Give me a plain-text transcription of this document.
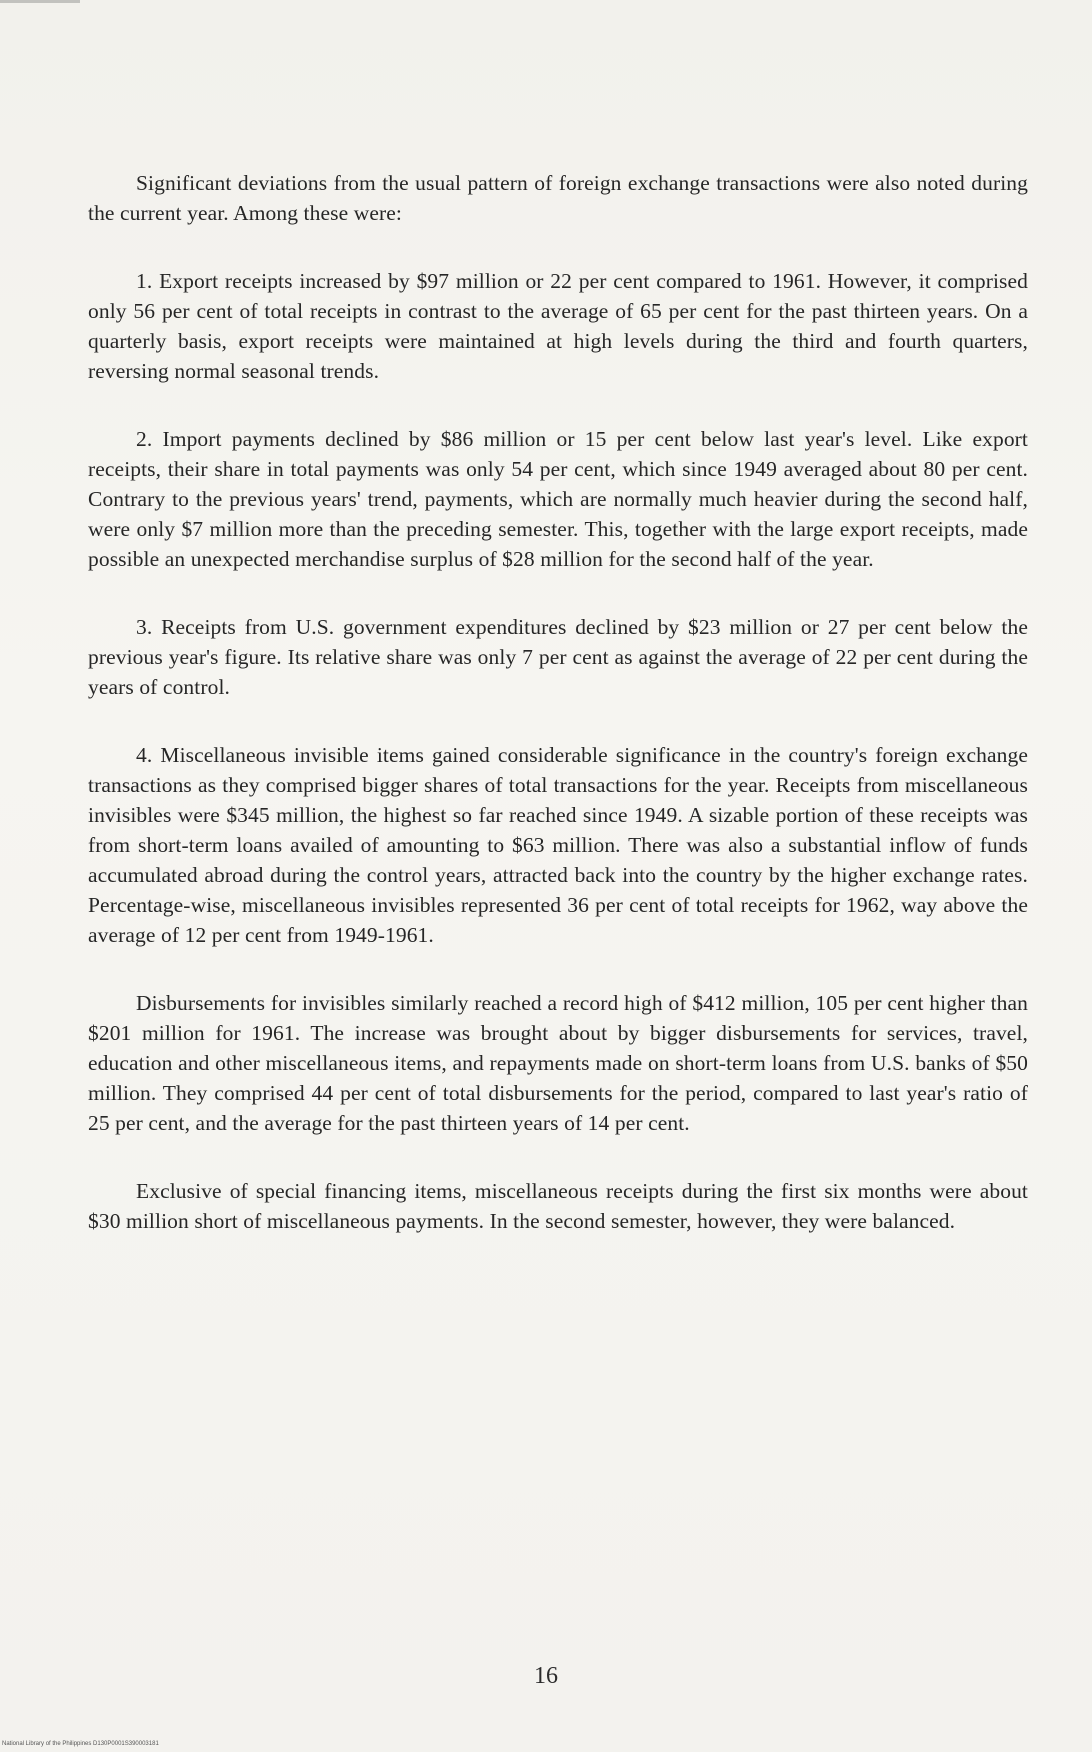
Significant deviations from the usual pattern of foreign exchange transactions were also noted during the current year. Among these were:

1. Export receipts increased by $97 million or 22 per cent compared to 1961. However, it comprised only 56 per cent of total receipts in contrast to the average of 65 per cent for the past thirteen years. On a quarterly basis, export receipts were maintained at high levels during the third and fourth quarters, reversing normal seasonal trends.

2. Import payments declined by $86 million or 15 per cent below last year's level. Like export receipts, their share in total payments was only 54 per cent, which since 1949 averaged about 80 per cent. Contrary to the previous years' trend, payments, which are normally much heavier during the second half, were only $7 million more than the preceding semester. This, together with the large export receipts, made possible an unexpected merchandise surplus of $28 million for the second half of the year.

3. Receipts from U.S. government expenditures declined by $23 million or 27 per cent below the previous year's figure. Its relative share was only 7 per cent as against the average of 22 per cent during the years of control.

4. Miscellaneous invisible items gained considerable significance in the country's foreign exchange transactions as they comprised bigger shares of total transactions for the year. Receipts from miscellaneous invisibles were $345 million, the highest so far reached since 1949. A sizable portion of these receipts was from short-term loans availed of amounting to $63 million. There was also a substantial inflow of funds accumulated abroad during the control years, attracted back into the country by the higher exchange rates. Percentage-wise, miscellaneous invisibles represented 36 per cent of total receipts for 1962, way above the average of 12 per cent from 1949-1961.

Disbursements for invisibles similarly reached a record high of $412 million, 105 per cent higher than $201 million for 1961. The increase was brought about by bigger disbursements for services, travel, education and other miscellaneous items, and repayments made on short-term loans from U.S. banks of $50 million. They comprised 44 per cent of total disbursements for the period, compared to last year's ratio of 25 per cent, and the average for the past thirteen years of 14 per cent.

Exclusive of special financing items, miscellaneous receipts during the first six months were about $30 million short of miscellaneous payments. In the second semester, however, they were balanced.

16
National Library of the Philippines D130P0001S390003181
